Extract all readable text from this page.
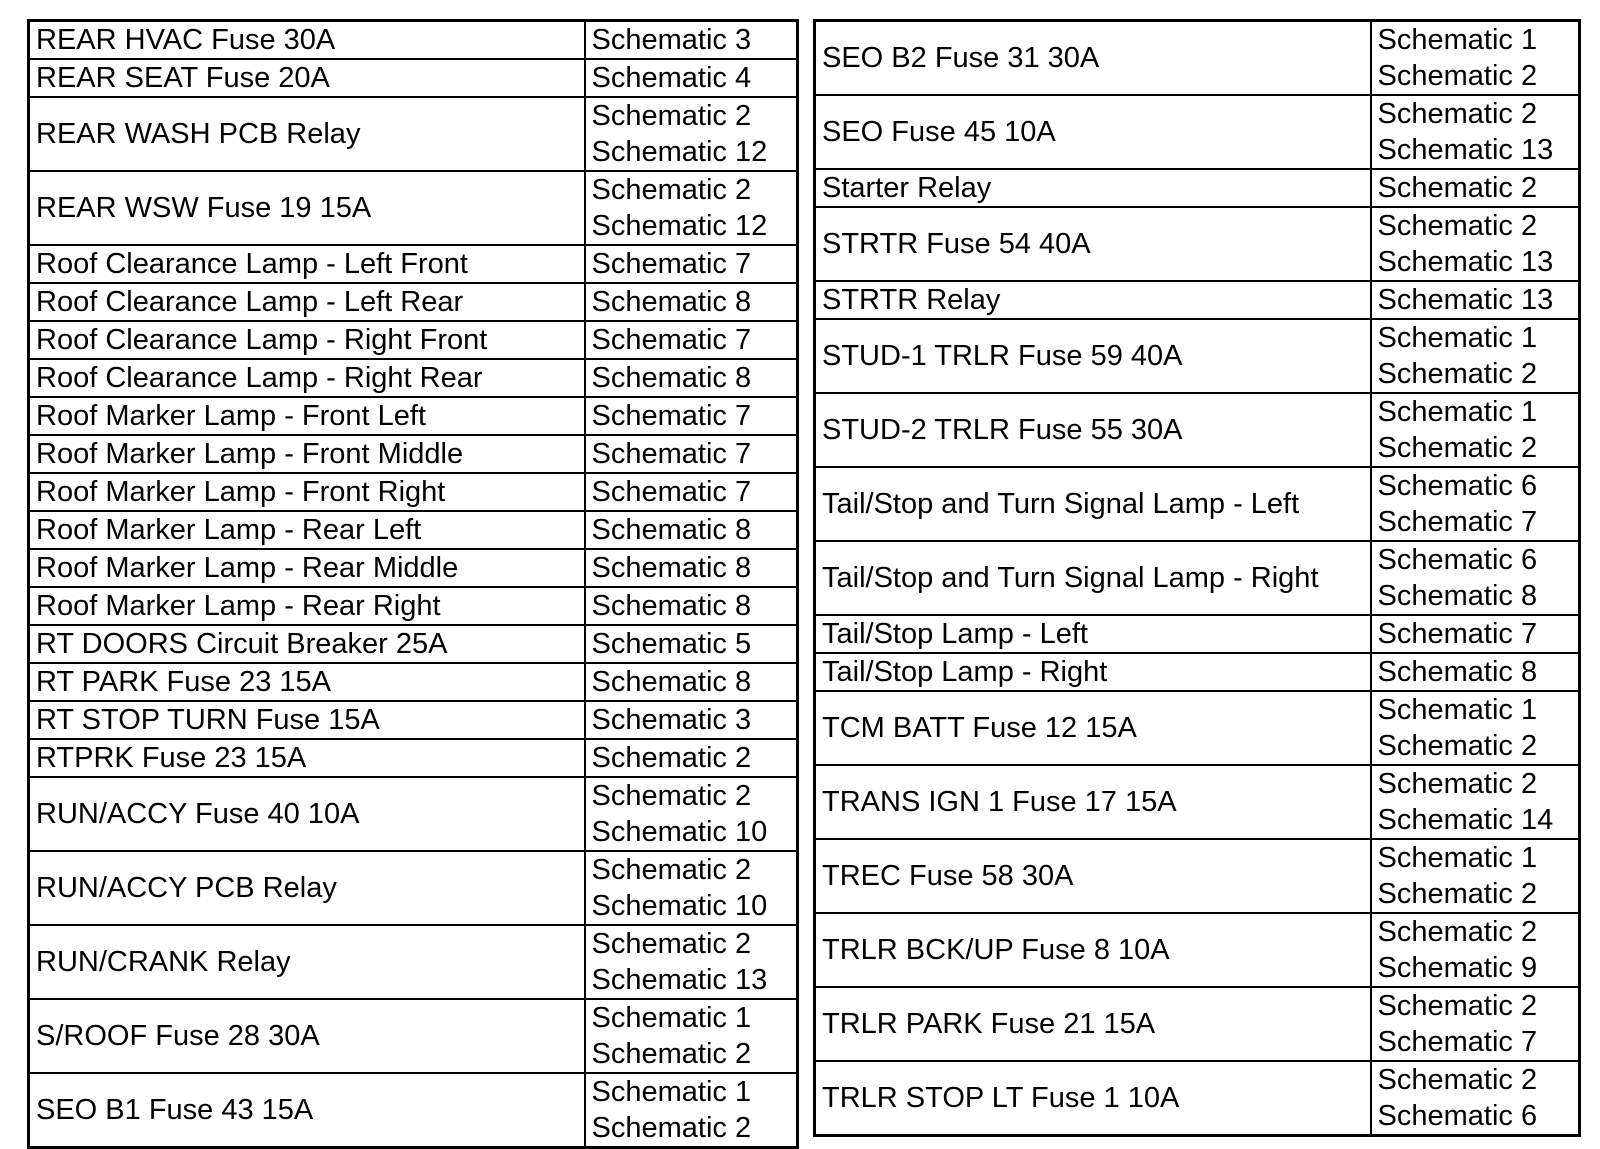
REAR HVAC Fuse 30A	Schematic 3

REAR SEAT Fuse 20A	Schematic 4

REAR WASH PCB Relay	Schematic 2
Schematic 12

REAR WSW Fuse 19 15A	Schematic 2
Schematic 12

Roof Clearance Lamp - Left Front	Schematic 7

Roof Clearance Lamp - Left Rear	Schematic 8

Roof Clearance Lamp - Right Front	Schematic 7

Roof Clearance Lamp - Right Rear	Schematic 8

Roof Marker Lamp - Front Left	Schematic 7

Roof Marker Lamp - Front Middle	Schematic 7

Roof Marker Lamp - Front Right	Schematic 7

Roof Marker Lamp - Rear Left	Schematic 8

Roof Marker Lamp - Rear Middle	Schematic 8

Roof Marker Lamp - Rear Right	Schematic 8

RT DOORS Circuit Breaker 25A	Schematic 5

RT PARK Fuse 23 15A	Schematic 8

RT STOP TURN Fuse 15A	Schematic 3

RTPRK Fuse 23 15A	Schematic 2

RUN/ACCY Fuse 40 10A	Schematic 2
Schematic 10

RUN/ACCY PCB Relay	Schematic 2
Schematic 10

RUN/CRANK Relay	Schematic 2
Schematic 13

S/ROOF Fuse 28 30A	Schematic 1
Schematic 2

SEO B1 Fuse 43 15A	Schematic 1
Schematic 2
SEO B2 Fuse 31 30A	Schematic 1
Schematic 2

SEO Fuse 45 10A	Schematic 2
Schematic 13

Starter Relay	Schematic 2

STRTR Fuse 54 40A	Schematic 2
Schematic 13

STRTR Relay	Schematic 13

STUD-1 TRLR Fuse 59 40A	Schematic 1
Schematic 2

STUD-2 TRLR Fuse 55 30A	Schematic 1
Schematic 2

Tail/Stop and Turn Signal Lamp - Left	Schematic 6
Schematic 7

Tail/Stop and Turn Signal Lamp - Right	Schematic 6
Schematic 8

Tail/Stop Lamp - Left	Schematic 7

Tail/Stop Lamp - Right	Schematic 8

TCM BATT Fuse 12 15A	Schematic 1
Schematic 2

TRANS IGN 1 Fuse 17 15A	Schematic 2
Schematic 14

TREC Fuse 58 30A	Schematic 1
Schematic 2

TRLR BCK/UP Fuse 8 10A	Schematic 2
Schematic 9

TRLR PARK Fuse 21 15A	Schematic 2
Schematic 7

TRLR STOP LT Fuse 1 10A	Schematic 2
Schematic 6
